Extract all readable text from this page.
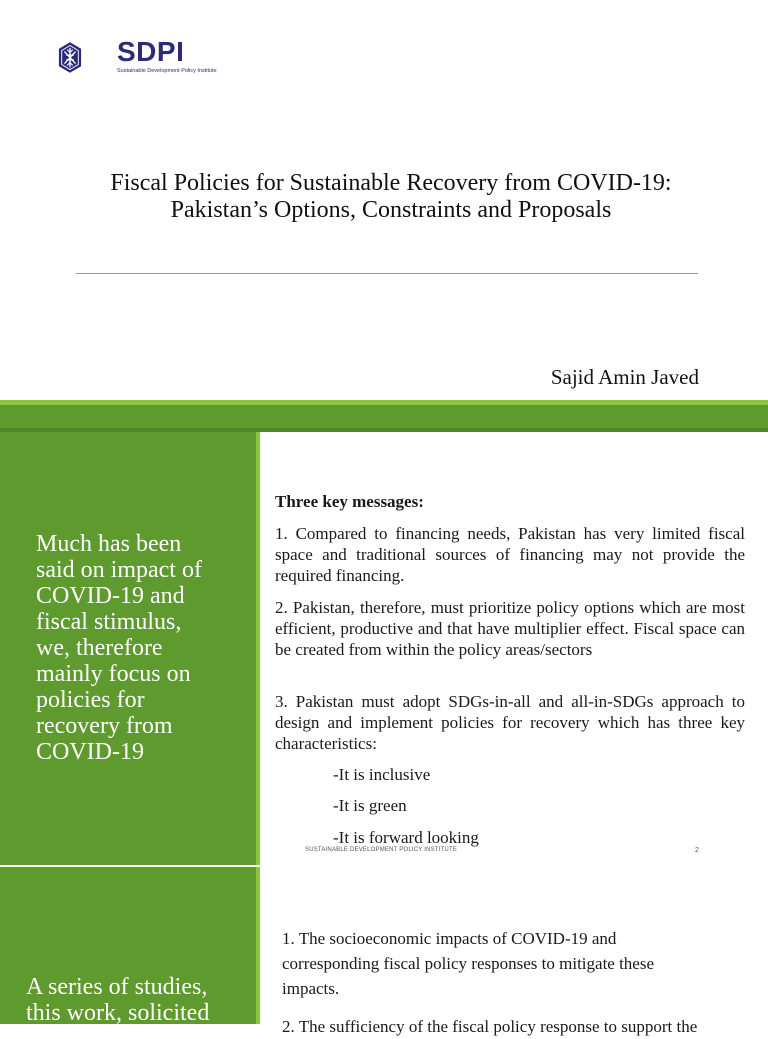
SDPI
Sustainable Development Policy Institute
Fiscal Policies for Sustainable Recovery from COVID-19:
Pakistan’s Options, Constraints and Proposals
Sajid Amin Javed
Much has been
said on impact of
COVID-19 and
fiscal stimulus,
we, therefore
mainly focus on
policies for
recovery from
COVID-19
Three key messages:
1. Compared to financing needs, Pakistan has very limited fiscal space and traditional sources of financing may not provide the required financing.
2. Pakistan, therefore, must prioritize policy options which are most efficient, productive and that have multiplier effect. Fiscal space can be created from within the policy areas/sectors
3. Pakistan must adopt SDGs-in-all and all-in-SDGs approach to design and implement policies for recovery which has three key characteristics:
-It is inclusive
-It is green
-It is forward looking
SUSTAINABLE DEVELOPMENT POLICY INSTITUTE	2
A series of studies,
this work, solicited
1. The socioeconomic impacts of COVID-19 and
corresponding fiscal policy responses to mitigate these
impacts.
2. The sufficiency of the fiscal policy response to support the
